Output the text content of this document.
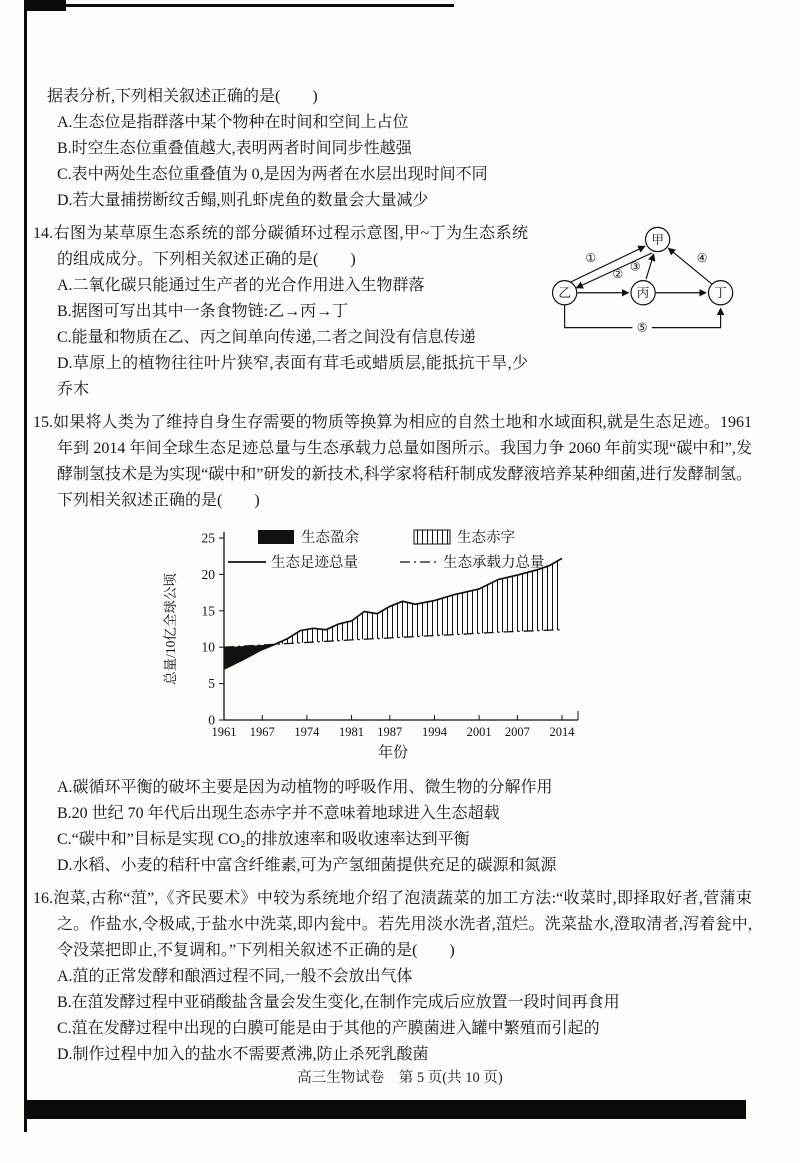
据表分析,下列相关叙述正确的是(　　)
A.生态位是指群落中某个物种在时间和空间上占位
B.时空生态位重叠值越大,表明两者时间同步性越强
C.表中两处生态位重叠值为 0,是因为两者在水层出现时间不同
D.若大量捕捞断纹舌鳎,则孔虾虎鱼的数量会大量减少
甲
乙	丙	丁
①
②
③
④
⑤
14.右图为某草原生态系统的部分碳循环过程示意图,甲~丁为生态系统的组成成分。下列相关叙述正确的是(　　)
A.二氧化碳只能通过生产者的光合作用进入生物群落
B.据图可写出其中一条食物链:乙→丙→丁
C.能量和物质在乙、丙之间单向传递,二者之间没有信息传递
D.草原上的植物往往叶片狭窄,表面有茸毛或蜡质层,能抵抗干旱,少乔木
15.如果将人类为了维持自身生存需要的物质等换算为相应的自然土地和水域面积,就是生态足迹。1961 年到 2014 年间全球生态足迹总量与生态承载力总量如图所示。我国力争 2060 年前实现“碳中和”,发酵制氢技术是为实现“碳中和”研发的新技术,科学家将秸秆制成发酵液培养某种细菌,进行发酵制氢。下列相关叙述正确的是(　　)
0
5
10
15
20
25
1961 1967 1974 1981 1987 1994 2001 2007 2014
年份
总量/10亿全球公顷
生态盈余	生态赤字
生态足迹总量	生态承载力总量
A.碳循环平衡的破坏主要是因为动植物的呼吸作用、微生物的分解作用
B.20 世纪 70 年代后出现生态赤字并不意味着地球进入生态超载
C.“碳中和”目标是实现 CO₂的排放速率和吸收速率达到平衡
D.水稻、小麦的秸秆中富含纤维素,可为产氢细菌提供充足的碳源和氮源
16.泡菜,古称“菹”,《齐民要术》中较为系统地介绍了泡渍蔬菜的加工方法:“收菜时,即择取好者,菅蒲束之。作盐水,令极咸,于盐水中洗菜,即内瓮中。若先用淡水洗者,菹烂。洗菜盐水,澄取清者,泻着瓮中,令没菜把即止,不复调和。”下列相关叙述不正确的是(　　)
A.菹的正常发酵和酿酒过程不同,一般不会放出气体
B.在菹发酵过程中亚硝酸盐含量会发生变化,在制作完成后应放置一段时间再食用
C.菹在发酵过程中出现的白膜可能是由于其他的产膜菌进入罐中繁殖而引起的
D.制作过程中加入的盐水不需要煮沸,防止杀死乳酸菌
高三生物试卷　第 5 页(共 10 页)
